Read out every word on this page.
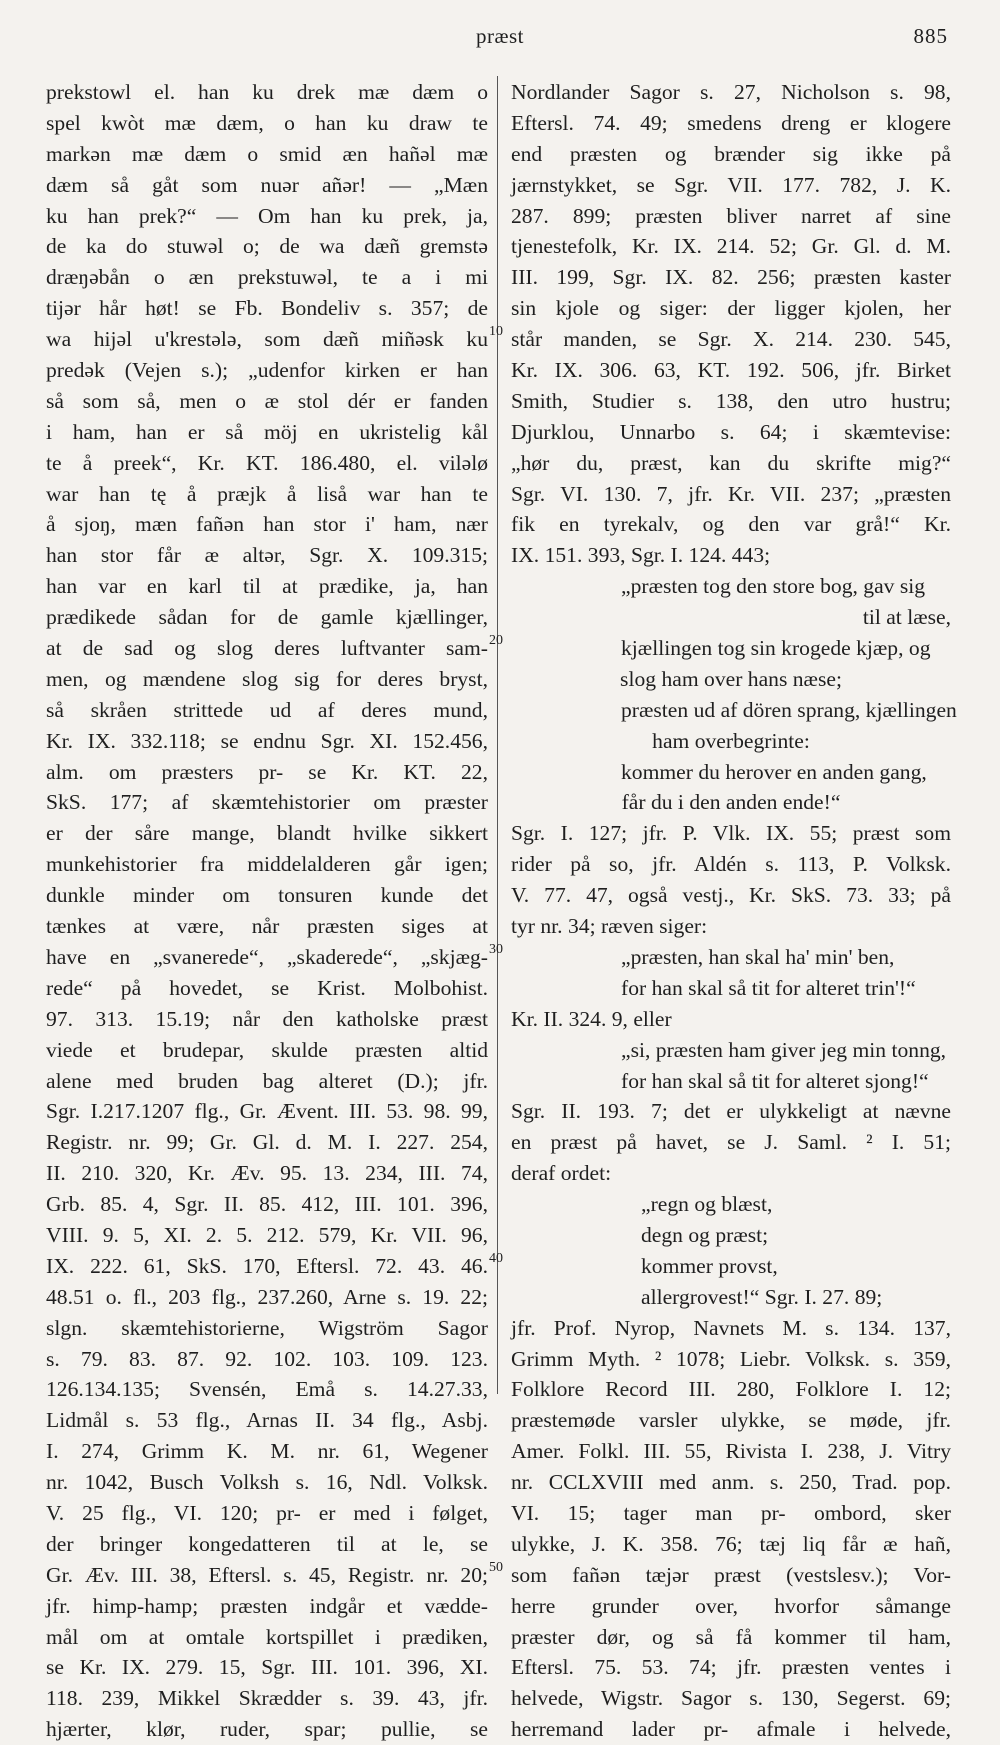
præst	885
prekstowl el. han ku drek mæ dæm o
spel kwòt mæ dæm, o han ku draw te
markən mæ dæm o smid æn hañəl mæ
dæm så gåt som nuər añər! — „Mæn
ku han prek?“ — Om han ku prek, ja,
de ka do stuwəl o; de wa dæñ gremstə
dræŋəbån o æn prekstuwəl, te a i mi
tijər hår høt! se Fb. Bondeliv s. 357; de
wa hijəl u'krestələ, som dæñ miñəsk ku
predək (Vejen s.); „udenfor kirken er han
så som så, men o æ stol dér er fanden
i ham, han er så möj en ukristelig kål
te å preek“, Kr. KT. 186.480, el. viləlø
war han tę å præjk å liså war han te
å sjoŋ, mæn fañən han stor i' ham, nær
han stor får æ altər, Sgr. X. 109.315;
han var en karl til at prædike, ja, han
prædikede sådan for de gamle kjællinger,
at de sad og slog deres luftvanter sam-
men, og mændene slog sig for deres bryst,
så skråen strittede ud af deres mund,
Kr. IX. 332.118; se endnu Sgr. XI. 152.456,
alm. om præsters pr- se Kr. KT. 22,
SkS. 177; af skæmtehistorier om præster
er der såre mange, blandt hvilke sikkert
munkehistorier fra middelalderen går igen;
dunkle minder om tonsuren kunde det
tænkes at være, når præsten siges at
have en „svanerede“, „skaderede“, „skjæg-
rede“ på hovedet, se Krist. Molbohist.
97. 313. 15.19; når den katholske præst
viede et brudepar, skulde præsten altid
alene med bruden bag alteret (D.); jfr.
Sgr. I.217.1207 flg., Gr. Ævent. III. 53. 98. 99,
Registr. nr. 99; Gr. Gl. d. M. I. 227. 254,
II. 210. 320, Kr. Æv. 95. 13. 234, III. 74,
Grb. 85. 4, Sgr. II. 85. 412, III. 101. 396,
VIII. 9. 5, XI. 2. 5. 212. 579, Kr. VII. 96,
IX. 222. 61, SkS. 170, Eftersl. 72. 43. 46.
48.51 o. fl., 203 flg., 237.260, Arne s. 19. 22;
slgn. skæmtehistorierne, Wigström Sagor
s. 79. 83. 87. 92. 102. 103. 109. 123.
126.134.135; Svensén, Emå s. 14.27.33,
Lidmål s. 53 flg., Arnas II. 34 flg., Asbj.
I. 274, Grimm K. M. nr. 61, Wegener
nr. 1042, Busch Volksh s. 16, Ndl. Volksk.
V. 25 flg., VI. 120; pr- er med i følget,
der bringer kongedatteren til at le, se
Gr. Æv. III. 38, Eftersl. s. 45, Registr. nr. 20;
jfr. himp-hamp; præsten indgår et vædde-
mål om at omtale kortspillet i prædiken,
se Kr. IX. 279. 15, Sgr. III. 101. 396, XI.
118. 239, Mikkel Skrædder s. 39. 43, jfr.
hjærter, klør, ruder, spar; pullie, se
Nordlander Sagor s. 27, Nicholson s. 98,
Eftersl. 74. 49; smedens dreng er klogere
end præsten og brænder sig ikke på
jærnstykket, se Sgr. VII. 177. 782, J. K.
287. 899; præsten bliver narret af sine
tjenestefolk, Kr. IX. 214. 52; Gr. Gl. d. M.
III. 199, Sgr. IX. 82. 256; præsten kaster
sin kjole og siger: der ligger kjolen, her
står manden, se Sgr. X. 214. 230. 545,
Kr. IX. 306. 63, KT. 192. 506, jfr. Birket
Smith, Studier s. 138, den utro hustru;
Djurklou, Unnarbo s. 64; i skæmtevise:
„hør du, præst, kan du skrifte mig?“
Sgr. VI. 130. 7, jfr. Kr. VII. 237; „præsten
fik en tyrekalv, og den var grå!“ Kr.
IX. 151. 393, Sgr. I. 124. 443;
„præsten tog den store bog, gav sig
til at læse,
kjællingen tog sin krogede kjæp, og
slog ham over hans næse;
præsten ud af dören sprang, kjællingen
ham overbegrinte:
kommer du herover en anden gang,
får du i den anden ende!“
Sgr. I. 127; jfr. P. Vlk. IX. 55; præst som
rider på so, jfr. Aldén s. 113, P. Volksk.
V. 77. 47, også vestj., Kr. SkS. 73. 33; på
tyr nr. 34; ræven siger:
„præsten, han skal ha' min' ben,
for han skal så tit for alteret trin'!“
Kr. II. 324. 9, eller
„si, præsten ham giver jeg min tonng,
for han skal så tit for alteret sjong!“
Sgr. II. 193. 7; det er ulykkeligt at nævne
en præst på havet, se J. Saml. ² I. 51;
deraf ordet:
„regn og blæst,
degn og præst;
kommer provst,
allergrovest!“ Sgr. I. 27. 89;
jfr. Prof. Nyrop, Navnets M. s. 134. 137,
Grimm Myth. ² 1078; Liebr. Volksk. s. 359,
Folklore Record III. 280, Folklore I. 12;
præstemøde varsler ulykke, se møde, jfr.
Amer. Folkl. III. 55, Rivista I. 238, J. Vitry
nr. CCLXVIII med anm. s. 250, Trad. pop.
VI. 15; tager man pr- ombord, sker
ulykke, J. K. 358. 76; tæj liq får æ hañ,
som fañən tæjər præst (vestslesv.); Vor-
herre grunder over, hvorfor såmange
præster dør, og så få kommer til ham,
Eftersl. 75. 53. 74; jfr. præsten ventes i
helvede, Wigstr. Sagor s. 130, Segerst. 69;
herremand lader pr- afmale i helvede,
10
20
30
40
50
